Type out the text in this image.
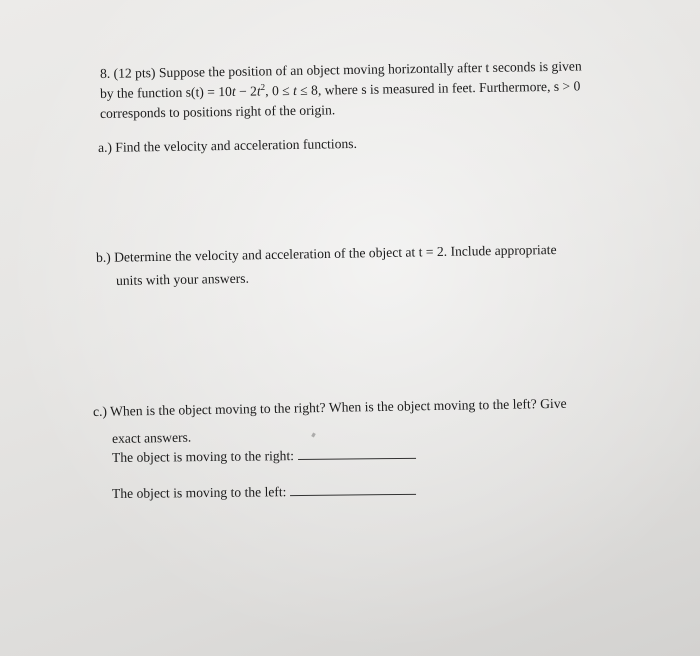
8. (12 pts) Suppose the position of an object moving horizontally after t seconds is given
by the function $s(t) = 10t - 2t^2$, 0 ≤ t ≤ 8, where s is measured in feet. Furthermore, s > 0
corresponds to positions right of the origin.
a.) Find the velocity and acceleration functions.
b.) Determine the velocity and acceleration of the object at t = 2. Include appropriate
units with your answers.
c.) When is the object moving to the right? When is the object moving to the left? Give
exact answers.
The object is moving to the right:
The object is moving to the left:
